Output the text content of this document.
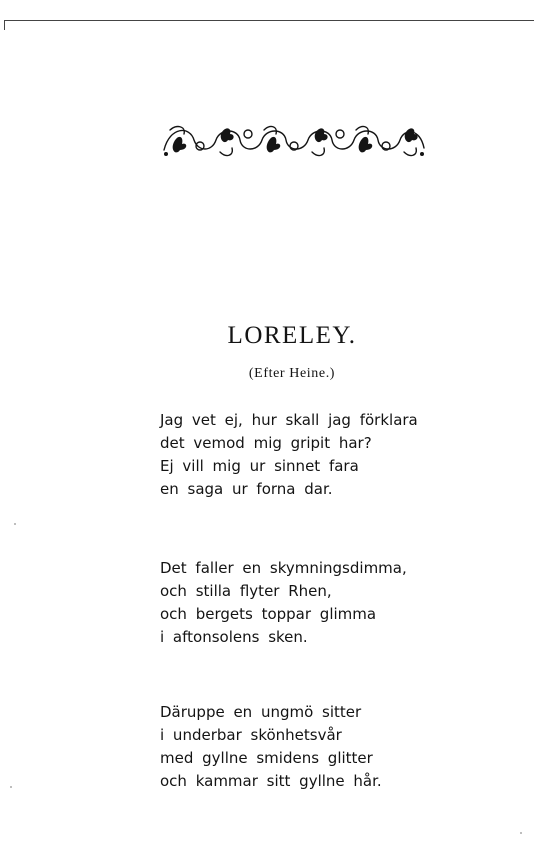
LORELEY.
(Efter Heine.)
Jag vet ej, hur skall jag förklara
det vemod mig gripit har?
Ej vill mig ur sinnet fara
en saga ur forna dar.
Det faller en skymningsdimma,
och stilla flyter Rhen,
och bergets toppar glimma
i aftonsolens sken.
Däruppe en ungmö sitter
i underbar skönhetsvår
med gyllne smidens glitter
och kammar sitt gyllne hår.
